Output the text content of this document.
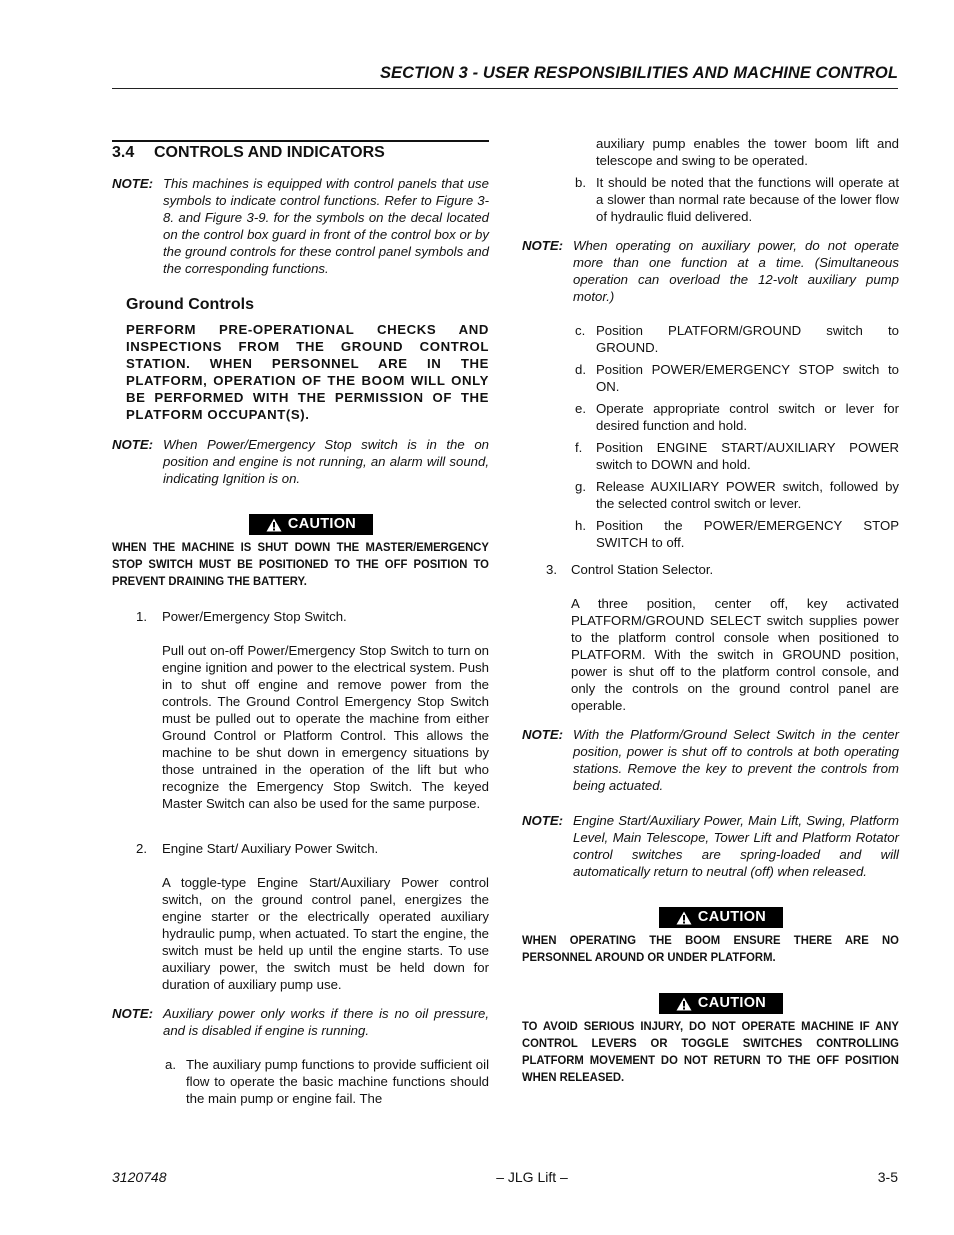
SECTION 3 - USER RESPONSIBILITIES AND MACHINE CONTROL
3.4 CONTROLS AND INDICATORS
NOTE: This machines is equipped with control panels that use symbols to indicate control functions. Refer to Figure 3-8. and Figure 3-9. for the symbols on the decal located on the control box guard in front of the control box or by the ground controls for these control panel symbols and the corresponding functions.
Ground Controls
PERFORM PRE-OPERATIONAL CHECKS AND INSPECTIONS FROM THE GROUND CONTROL STATION. WHEN PERSONNEL ARE IN THE PLATFORM, OPERATION OF THE BOOM WILL ONLY BE PERFORMED WITH THE PERMISSION OF THE PLATFORM OCCUPANT(S).
NOTE: When Power/Emergency Stop switch is in the on position and engine is not running, an alarm will sound, indicating Ignition is on.
CAUTION
WHEN THE MACHINE IS SHUT DOWN THE MASTER/EMERGENCY STOP SWITCH MUST BE POSITIONED TO THE OFF POSITION TO PREVENT DRAINING THE BATTERY.
1.	Power/Emergency Stop Switch.
Pull out on-off Power/Emergency Stop Switch to turn on engine ignition and power to the electrical system. Push in to shut off engine and remove power from the controls. The Ground Control Emergency Stop Switch must be pulled out to operate the machine from either Ground Control or Platform Control. This allows the machine to be shut down in emergency situations by those untrained in the operation of the lift but who recognize the Emergency Stop Switch. The keyed Master Switch can also be used for the same purpose.
2.	Engine Start/ Auxiliary Power Switch.
A toggle-type Engine Start/Auxiliary Power control switch, on the ground control panel, energizes the engine starter or the electrically operated auxiliary hydraulic pump, when actuated. To start the engine, the switch must be held up until the engine starts. To use auxiliary power, the switch must be held down for duration of auxiliary pump use.
NOTE: Auxiliary power only works if there is no oil pressure, and is disabled if engine is running.
a. The auxiliary pump functions to provide sufficient oil flow to operate the basic machine functions should the main pump or engine fail. The
auxiliary pump enables the tower boom lift and telescope and swing to be operated.
b. It should be noted that the functions will operate at a slower than normal rate because of the lower flow of hydraulic fluid delivered.
NOTE: When operating on auxiliary power, do not operate more than one function at a time. (Simultaneous operation can overload the 12-volt auxiliary pump motor.)
c. Position PLATFORM/GROUND switch to GROUND.
d. Position POWER/EMERGENCY STOP switch to ON.
e. Operate appropriate control switch or lever for desired function and hold.
f.	Position ENGINE START/AUXILIARY POWER switch to DOWN and hold.
g. Release AUXILIARY POWER switch, followed by the selected control switch or lever.
h. Position the POWER/EMERGENCY STOP SWITCH to off.
3.	Control Station Selector.
A three position, center off, key activated PLATFORM/GROUND SELECT switch supplies power to the platform control console when positioned to PLATFORM. With the switch in GROUND position, power is shut off to the platform control console, and only the controls on the ground control panel are operable.
NOTE: With the Platform/Ground Select Switch in the center position, power is shut off to controls at both operating stations. Remove the key to prevent the controls from being actuated.
NOTE: Engine Start/Auxiliary Power, Main Lift, Swing, Platform Level, Main Telescope, Tower Lift and Platform Rotator control switches are spring-loaded and will automatically return to neutral (off) when released.
CAUTION
WHEN OPERATING THE BOOM ENSURE THERE ARE NO PERSONNEL AROUND OR UNDER PLATFORM.
CAUTION
TO AVOID SERIOUS INJURY, DO NOT OPERATE MACHINE IF ANY CONTROL LEVERS OR TOGGLE SWITCHES CONTROLLING PLATFORM MOVEMENT DO NOT RETURN TO THE OFF POSITION WHEN RELEASED.
3120748	– JLG Lift –	3-5
